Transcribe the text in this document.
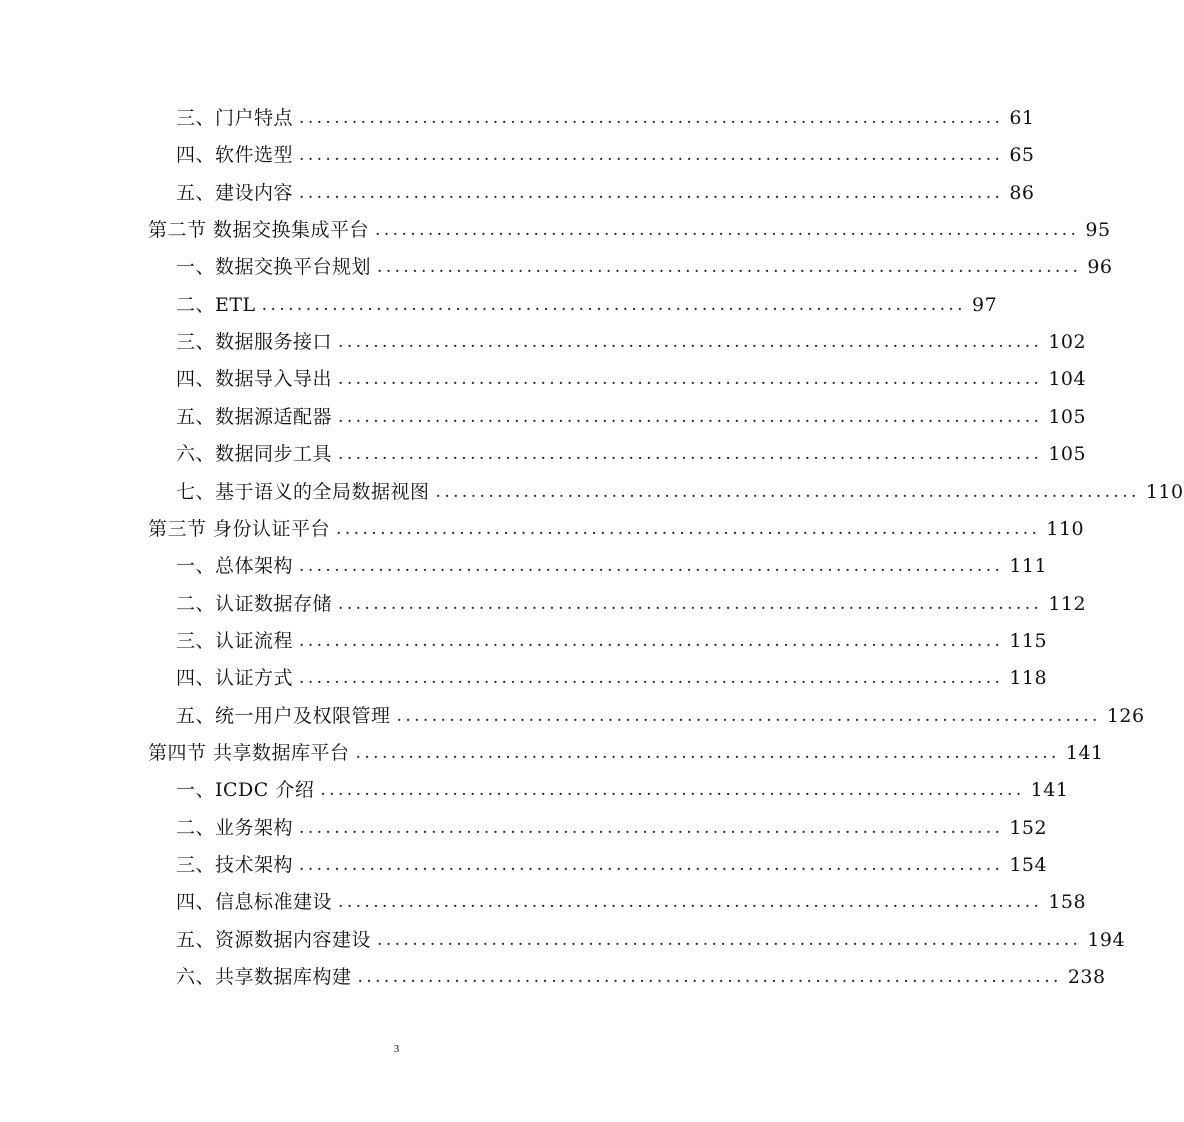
三、门户特点 ................................................................................ 61
四、软件选型 ................................................................................ 65
五、建设内容 ................................................................................ 86
第二节 数据交换集成平台 ................................................................................ 95
一、数据交换平台规划 ................................................................................ 96
二、ETL ................................................................................ 97
三、数据服务接口 ................................................................................ 102
四、数据导入导出 ................................................................................ 104
五、数据源适配器 ................................................................................ 105
六、数据同步工具 ................................................................................ 105
七、基于语义的全局数据视图 ................................................................................ 110
第三节 身份认证平台 ................................................................................ 110
一、总体架构 ................................................................................ 111
二、认证数据存储 ................................................................................ 112
三、认证流程 ................................................................................ 115
四、认证方式 ................................................................................ 118
五、统一用户及权限管理 ................................................................................ 126
第四节 共享数据库平台 ................................................................................ 141
一、ICDC 介绍 ................................................................................ 141
二、业务架构 ................................................................................ 152
三、技术架构 ................................................................................ 154
四、信息标准建设 ................................................................................ 158
五、资源数据内容建设 ................................................................................ 194
六、共享数据库构建 ................................................................................ 238
3
